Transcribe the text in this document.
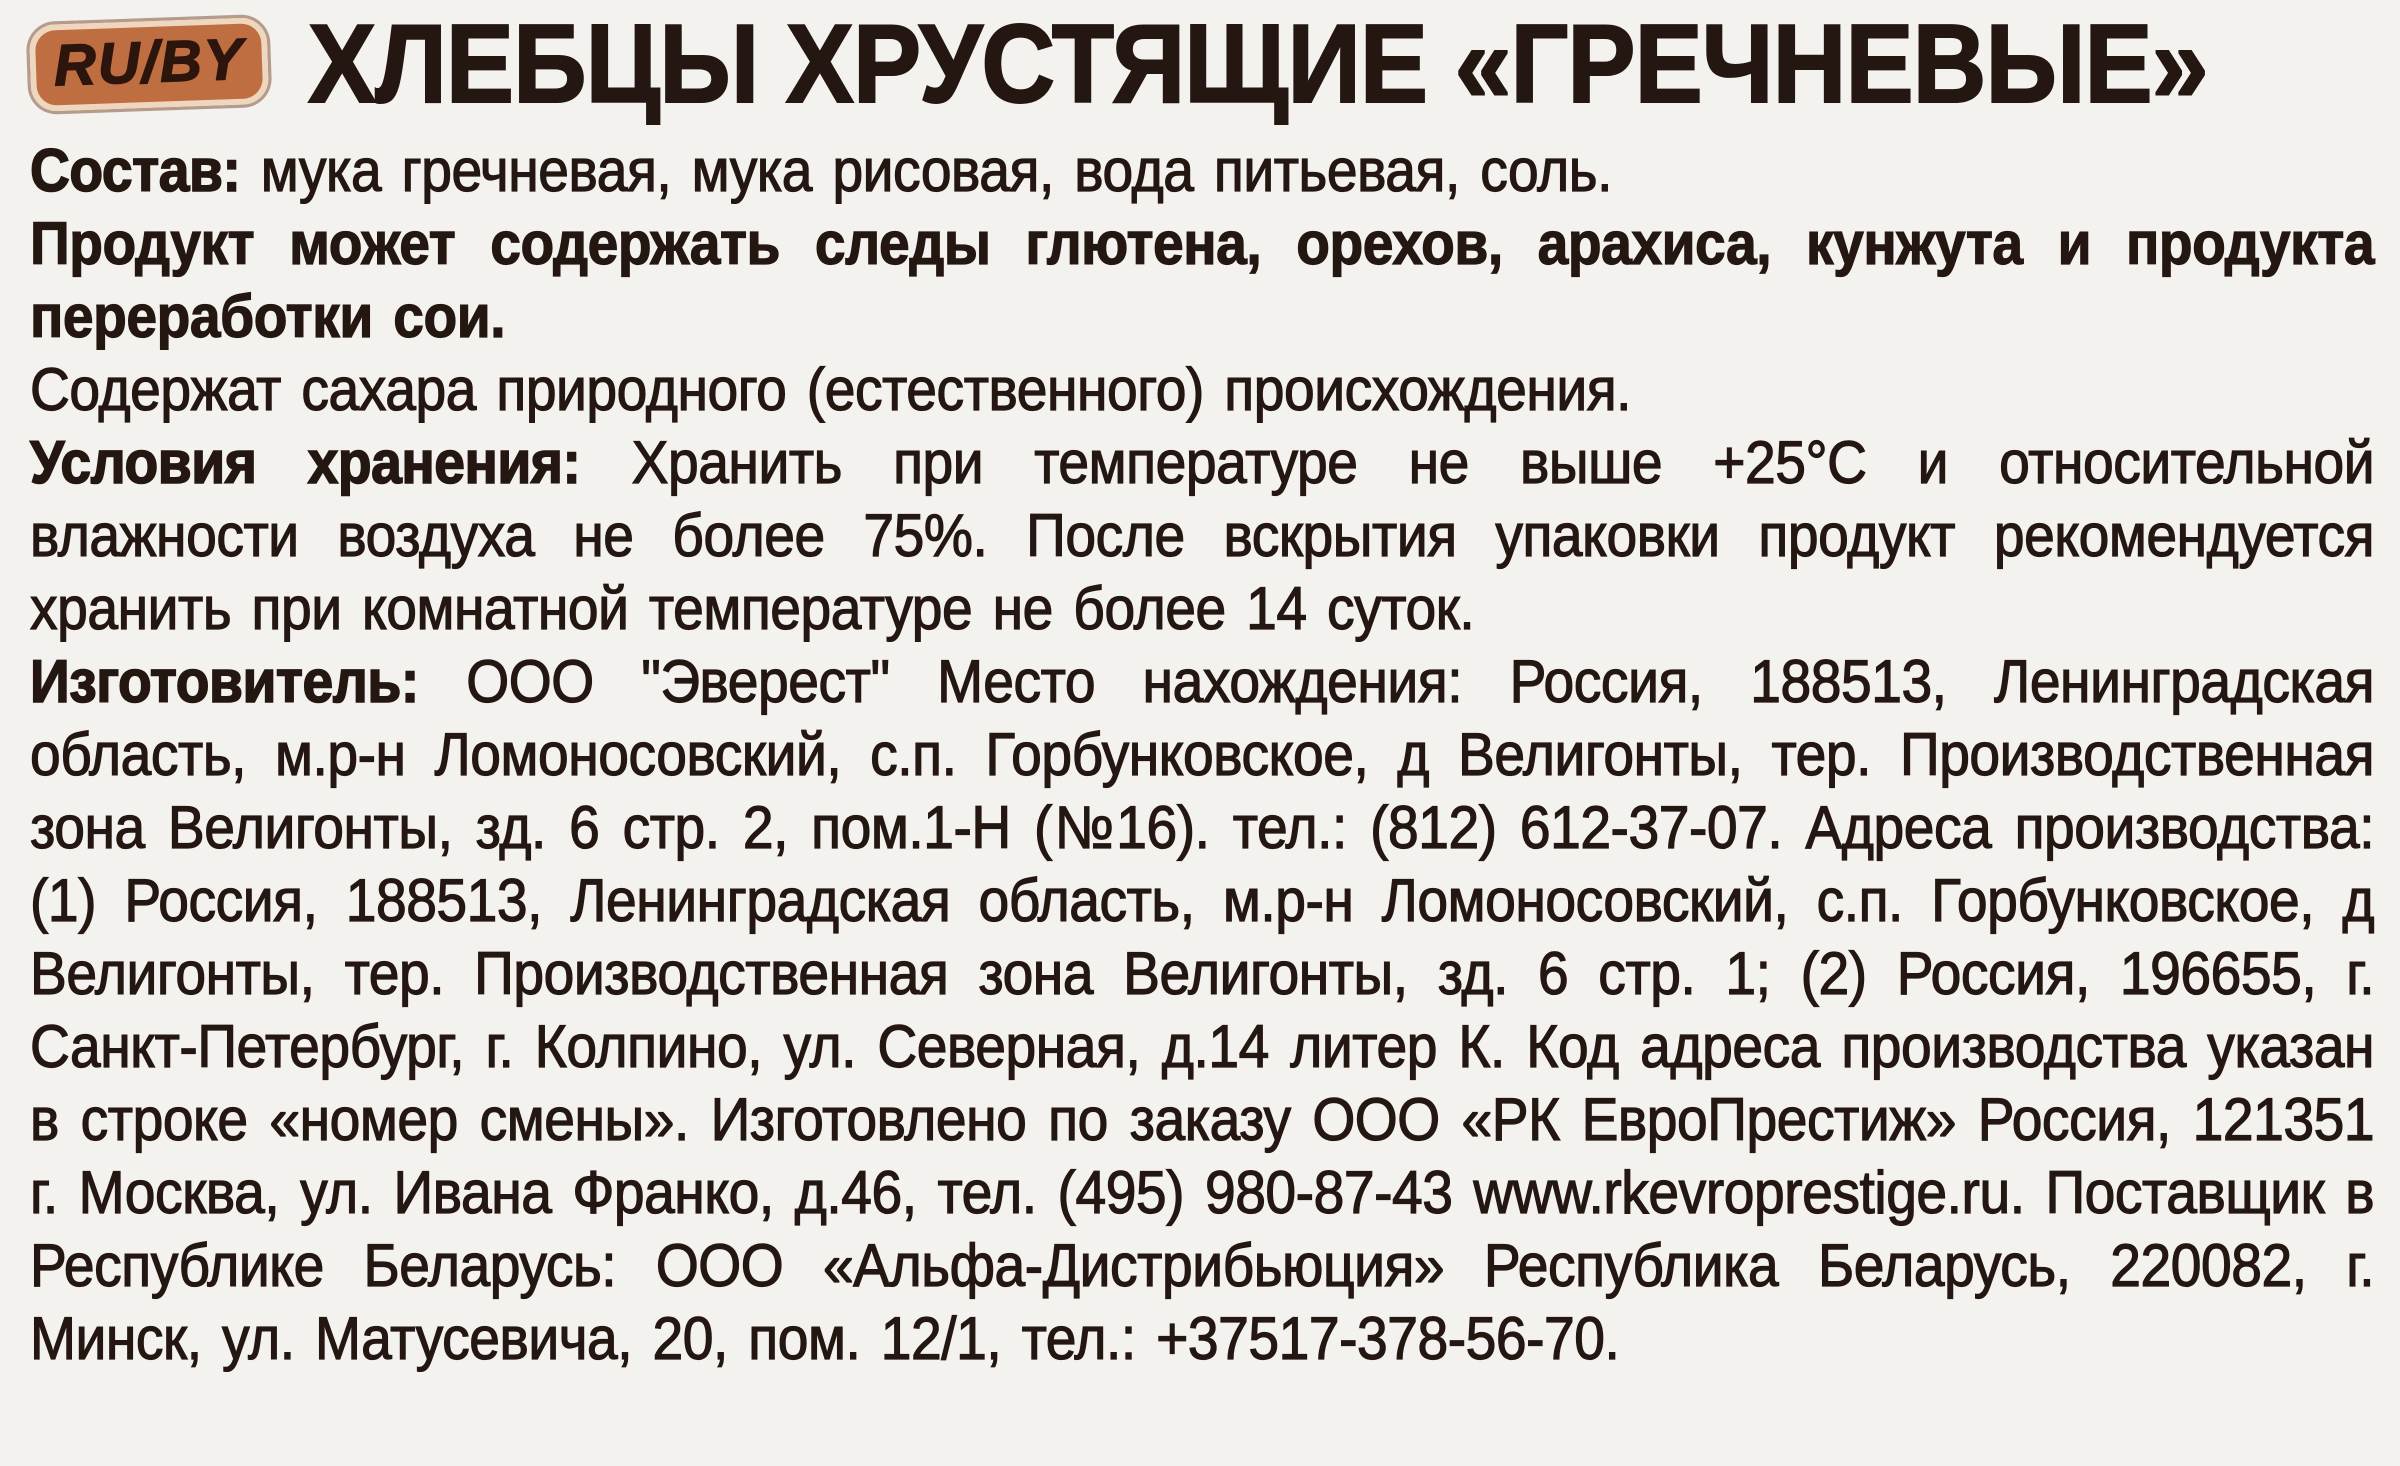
RU/BY ХЛЕБЦЫ ХРУСТЯЩИЕ «ГРЕЧНЕВЫЕ»

Состав: мука гречневая, мука рисовая, вода питьевая, соль.

Продукт может содержать следы глютена, орехов, арахиса, кунжута и продукта переработки сои.

Содержат сахара природного (естественного) происхождения.

Условия хранения: Хранить при температуре не выше +25°С и относительной влажности воздуха не более 75%. После вскрытия упаковки продукт рекомендуется хранить при комнатной температуре не более 14 суток.

Изготовитель: ООО "Эверест" Место нахождения: Россия, 188513, Ленинградская область, м.р-н Ломоносовский, с.п. Горбунковское, д Велигонты, тер. Производственная зона Велигонты, зд. 6 стр. 2, пом.1-Н (№16). тел.: (812) 612-37-07. Адреса производства: (1) Россия, 188513, Ленинградская область, м.р-н Ломоносовский, с.п. Горбунковское, д Велигонты, тер. Производственная зона Велигонты, зд. 6 стр. 1; (2) Россия, 196655, г. Санкт-Петербург, г. Колпино, ул. Северная, д.14 литер К. Код адреса производства указан в строке «номер смены». Изготовлено по заказу ООО «РК ЕвроПрестиж» Россия, 121351 г. Москва, ул. Ивана Франко, д.46, тел. (495) 980-87-43 www.rkevroprestige.ru. Поставщик в Республике Беларусь: ООО «Альфа-Дистрибьюция» Республика Беларусь, 220082, г. Минск, ул. Матусевича, 20, пом. 12/1, тел.: +37517-378-56-70.
